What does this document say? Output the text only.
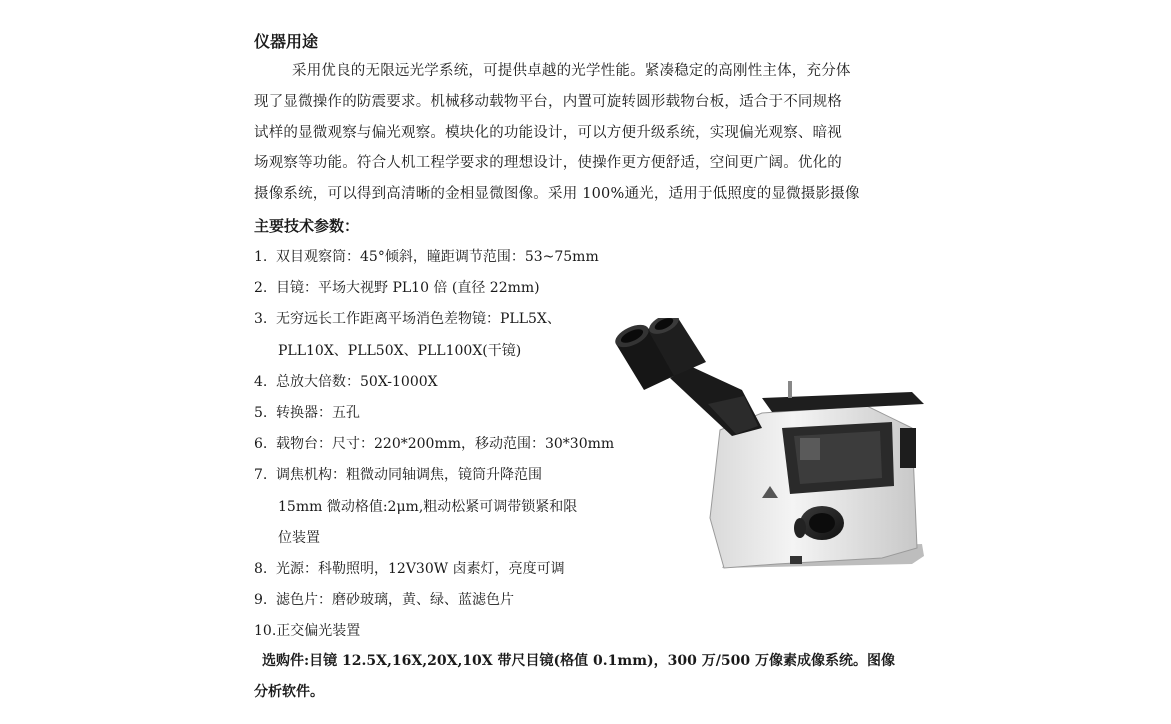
仪器用途
采用优良的无限远光学系统，可提供卓越的光学性能。紧凑稳定的高刚性主体，充分体
现了显微操作的防震要求。机械移动载物平台，内置可旋转圆形载物台板，适合于不同规格
试样的显微观察与偏光观察。模块化的功能设计，可以方便升级系统，实现偏光观察、暗视
场观察等功能。符合人机工程学要求的理想设计，使操作更方便舒适，空间更广阔。优化的
摄像系统，可以得到高清晰的金相显微图像。采用 100%通光，适用于低照度的显微摄影摄像
主要技术参数：
1. 双目观察筒：45°倾斜，瞳距调节范围：53~75mm
2. 目镜：平场大视野 PL10 倍 (直径 22mm)
3. 无穷远长工作距离平场消色差物镜：PLL5X、
PLL10X、PLL50X、PLL100X(干镜)
4. 总放大倍数：50X-1000X
5. 转换器：五孔
6. 载物台：尺寸：220*200mm，移动范围：30*30mm
7. 调焦机构：粗微动同轴调焦，镜筒升降范围
15mm 微动格值:2μm,粗动松紧可调带锁紧和限
位装置
8. 光源：科勒照明，12V30W 卤素灯，亮度可调
9. 滤色片：磨砂玻璃，黄、绿、蓝滤色片
10.正交偏光装置
选购件:目镜 12.5X,16X,20X,10X 带尺目镜(格值 0.1mm)，300 万/500 万像素成像系统。图像
分析软件。
